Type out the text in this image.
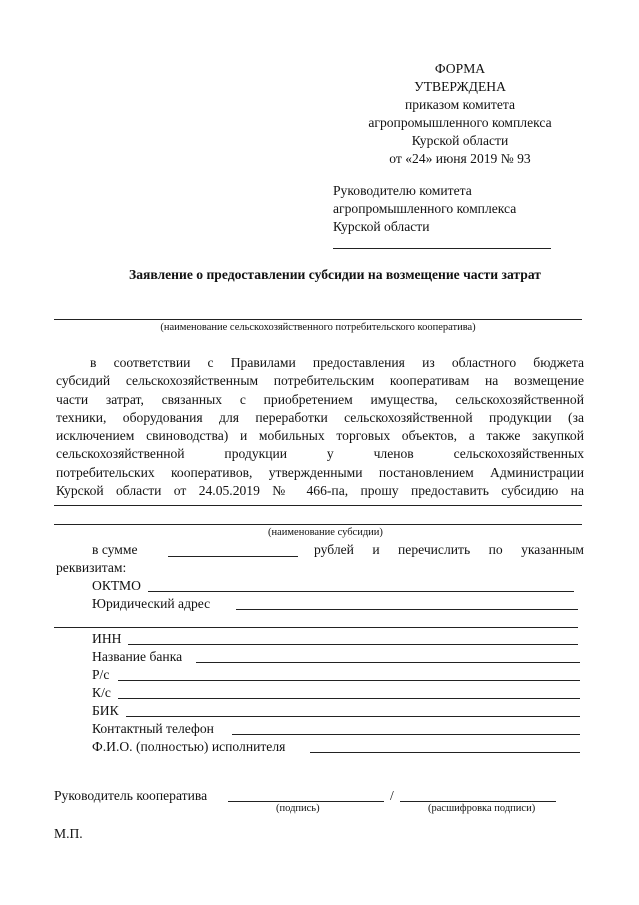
ФОРМА
УТВЕРЖДЕНА
приказом комитета
агропромышленного комплекса
Курской области
от «24» июня 2019 № 93
Руководителю комитета
агропромышленного комплекса
Курской области
Заявление о предоставлении субсидии на возмещение части затрат
(наименование сельскохозяйственного потребительского кооператива)
в соответствии с Правилами предоставления из областного бюджета
субсидий сельскохозяйственным потребительским кооперативам на возмещение
части затрат, связанных с приобретением имущества, сельскохозяйственной
техники, оборудования для переработки сельскохозяйственной продукции (за
исключением свиноводства) и мобильных торговых объектов, а также закупкой
сельскохозяйственной продукции у членов сельскохозяйственных
потребительских кооперативов, утвержденными постановлением Администрации
Курской области от 24.05.2019 № 466-па, прошу предоставить субсидию на
(наименование субсидии)
в сумме	рублей и перечислить по указанным
реквизитам:
ОКТМО
Юридический адрес
ИНН
Название банка
Р/с
К/с
БИК
Контактный телефон
Ф.И.О. (полностью) исполнителя
Руководитель кооператива	/
(подпись)	(расшифровка подписи)
М.П.
